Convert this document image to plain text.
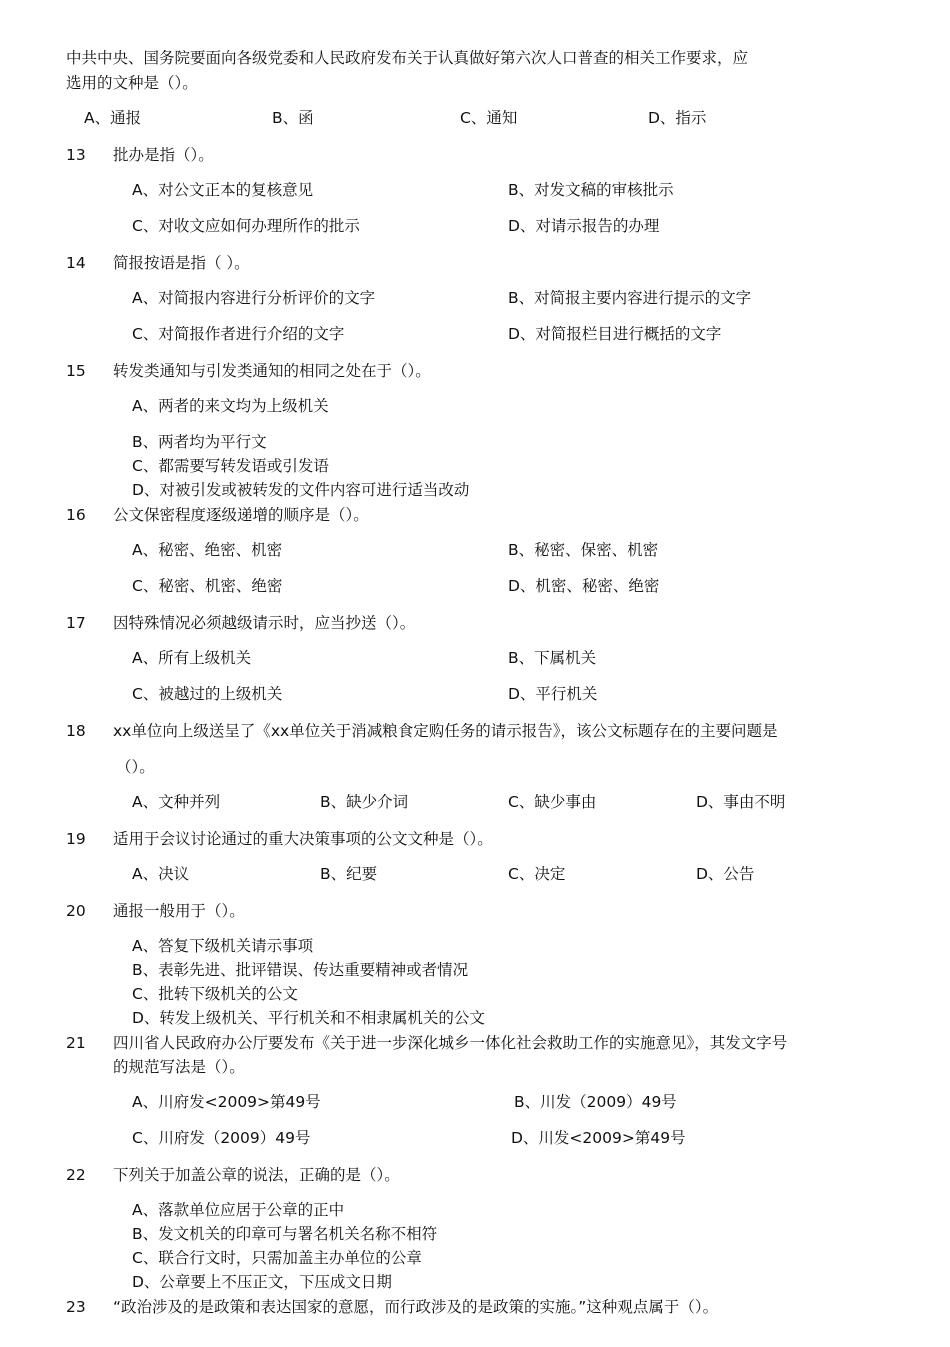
中共中央、国务院要面向各级党委和人民政府发布关于认真做好第六次人口普查的相关工作要求，应
选用的文种是（）。
A、通报	B、函	C、通知	D、指示
13 批办是指（）。
A、对公文正本的复核意见	B、对发文稿的审核批示
C、对收文应如何办理所作的批示	D、对请示报告的办理
14 简报按语是指（ ）。
A、对简报内容进行分析评价的文字	B、对简报主要内容进行提示的文字
C、对简报作者进行介绍的文字	D、对简报栏目进行概括的文字
15 转发类通知与引发类通知的相同之处在于（）。
A、两者的来文均为上级机关
B、两者均为平行文
C、都需要写转发语或引发语
D、对被引发或被转发的文件内容可进行适当改动
16 公文保密程度逐级递增的顺序是（）。
A、秘密、绝密、机密	B、秘密、保密、机密
C、秘密、机密、绝密	D、机密、秘密、绝密
17 因特殊情况必须越级请示时，应当抄送（）。
A、所有上级机关	B、下属机关
C、被越过的上级机关	D、平行机关
18 xx单位向上级送呈了《xx单位关于消减粮食定购任务的请示报告》，该公文标题存在的主要问题是
（）。
A、文种并列	B、缺少介词	C、缺少事由	D、事由不明
19 适用于会议讨论通过的重大决策事项的公文文种是（）。
A、决议	B、纪要	C、决定	D、公告
20 通报一般用于（）。
A、答复下级机关请示事项
B、表彰先进、批评错误、传达重要精神或者情况
C、批转下级机关的公文
D、转发上级机关、平行机关和不相隶属机关的公文
21 四川省人民政府办公厅要发布《关于进一步深化城乡一体化社会救助工作的实施意见》，其发文字号
的规范写法是（）。
A、川府发<2009>第49号	B、川发（2009）49号
C、川府发（2009）49号	D、川发<2009>第49号
22 下列关于加盖公章的说法，正确的是（）。
A、落款单位应居于公章的正中
B、发文机关的印章可与署名机关名称不相符
C、联合行文时，只需加盖主办单位的公章
D、公章要上不压正文，下压成文日期
23 “政治涉及的是政策和表达国家的意愿，而行政涉及的是政策的实施。”这种观点属于（）。
